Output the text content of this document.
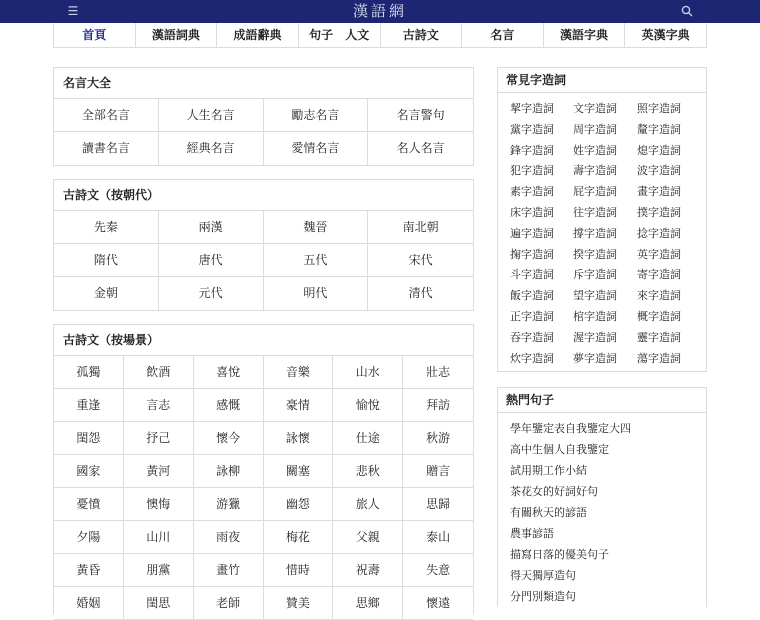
☰	漢語網
首頁	漢語詞典	成語辭典	句子　人文	古詩文	名言	漢語字典	英漢字典
名言大全
全部名言	人生名言	勵志名言	名言警句
讀書名言	經典名言	愛情名言	名人名言
古詩文（按朝代）
先秦	兩漢	魏晉	南北朝
隋代	唐代	五代	宋代
金朝	元代	明代	清代
古詩文（按場景）
孤獨	飲酒	喜悅	音樂	山水	壯志
重逢	言志	感慨	豪情	愉悅	拜訪
閨怨	抒己	懷今	詠懷	仕途	秋游
國家	黃河	詠柳	關塞	悲秋	贈言
憂憤	懊悔	游獵	幽怨	旅人	思歸
夕陽	山川	雨夜	梅花	父親	泰山
黃昏	朋黨	畫竹	惜時	祝壽	失意
婚姻	閨思	老師	贊美	思鄉	懷遠
常見字造詞
挈字造詞	文字造詞	照字造詞
黨字造詞	周字造詞	釐字造詞
鋒字造詞	姓字造詞	熄字造詞
犯字造詞	壽字造詞	波字造詞
素字造詞	屁字造詞	畫字造詞
床字造詞	往字造詞	撲字造詞
遍字造詞	撐字造詞	捻字造詞
掬字造詞	揆字造詞	英字造詞
斗字造詞	斥字造詞	寄字造詞
飯字造詞	望字造詞	來字造詞
正字造詞	棺字造詞	概字造詞
吞字造詞	渥字造詞	靈字造詞
炊字造詞	夢字造詞	蕩字造詞
熱門句子
學年鑒定表自我鑒定大四
高中生個人自我鑒定
試用期工作小結
茶花女的好詞好句
有關秋天的諺語
農事諺語
描寫日落的優美句子
得天獨厚造句
分門別類造句
